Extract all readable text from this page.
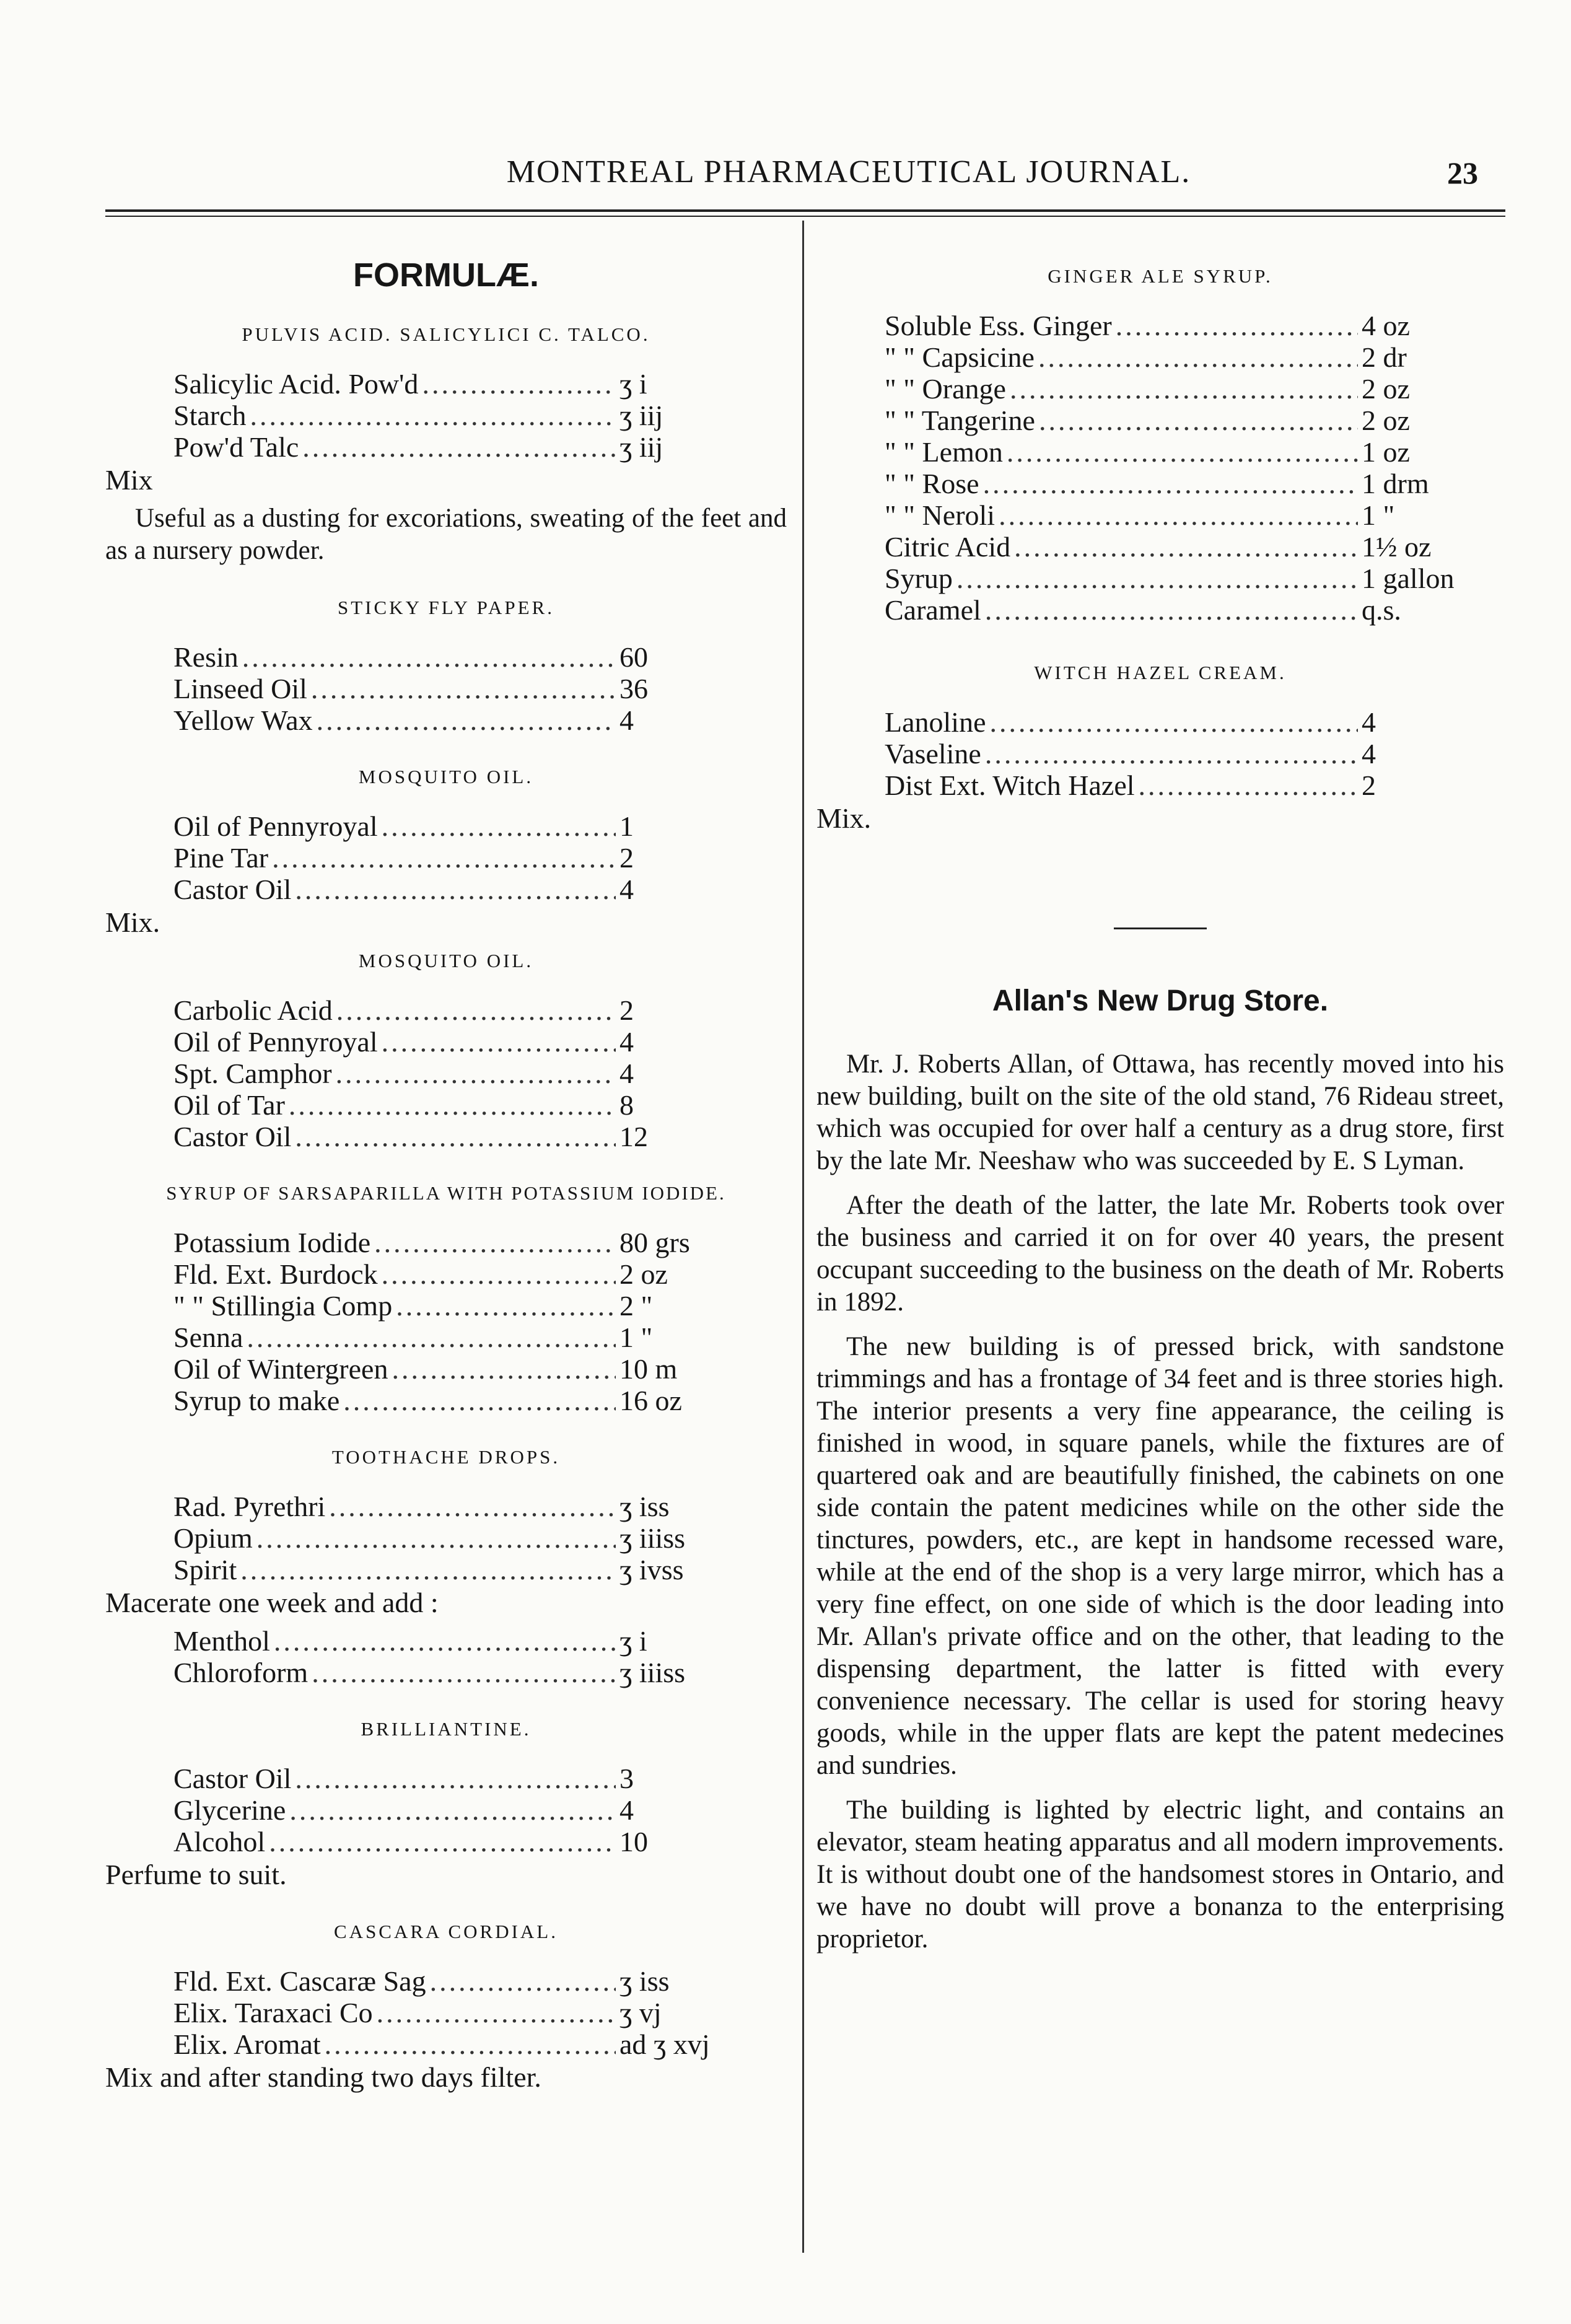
MONTREAL PHARMACEUTICAL JOURNAL.	23
FORMULÆ.
PULVIS ACID. SALICYLICI C. TALCO.
Salicylic Acid. Pow'd .....	ʒ i
Starch .....	ʒ iij
Pow'd Talc .....	ʒ iij
Mix

Useful as a dusting for excoriations, sweating of the feet and as a nursery powder.

STICKY FLY PAPER.
Resin .....	60
Linseed Oil .....	36
Yellow Wax .....	4
MOSQUITO OIL.
Oil of Pennyroyal .....	1
Pine Tar .....	2
Castor Oil .....	4
Mix.
MOSQUITO OIL.
Carbolic Acid .....	2
Oil of Pennyroyal .....	4
Spt. Camphor .....	4
Oil of Tar .....	8
Castor Oil .....	12
SYRUP OF SARSAPARILLA WITH POTASSIUM IODIDE.
Potassium Iodide .....	80 grs
Fld. Ext. Burdock .....	2 oz
" " Stillingia Comp .....	2 "
Senna .....	1 "
Oil of Wintergreen .....	10 m
Syrup to make .....	16 oz
TOOTHACHE DROPS.
Rad. Pyrethri .....	ʒ iss
Opium .....	ʒ iiiss
Spirit .....	ʒ ivss
Macerate one week and add :
Menthol .....	ʒ i
Chloroform .....	ʒ iiiss
BRILLIANTINE.
Castor Oil .....	3
Glycerine .....	4
Alcohol .....	10
Perfume to suit.
CASCARA CORDIAL.
Fld. Ext. Cascaræ Sag .....	ʒ iss
Elix. Taraxaci Co .....	ʒ vj
Elix. Aromat .....	ad ʒ xvj
Mix and after standing two days filter.
GINGER ALE SYRUP.
Soluble Ess. Ginger .....	4 oz
" " Capsicine .....	2 dr
" " Orange .....	2 oz
" " Tangerine .....	2 oz
" " Lemon .....	1 oz
" " Rose .....	1 drm
" " Neroli .....	1 "
Citric Acid .....	1½ oz
Syrup .....	1 gallon
Caramel .....	q.s.
WITCH HAZEL CREAM.
Lanoline .....	4
Vaseline .....	4
Dist Ext. Witch Hazel .....	2
Mix.
Allan's New Drug Store.

Mr. J. Roberts Allan, of Ottawa, has recently moved into his new building, built on the site of the old stand, 76 Rideau street, which was occupied for over half a century as a drug store, first by the late Mr. Neeshaw who was succeeded by E. S Lyman.

After the death of the latter, the late Mr. Roberts took over the business and carried it on for over 40 years, the present occupant succeeding to the business on the death of Mr. Roberts in 1892.

The new building is of pressed brick, with sandstone trimmings and has a frontage of 34 feet and is three stories high. The interior presents a very fine appearance, the ceiling is finished in wood, in square panels, while the fixtures are of quartered oak and are beautifully finished, the cabinets on one side contain the patent medicines while on the other side the tinctures, powders, etc., are kept in handsome recessed ware, while at the end of the shop is a very large mirror, which has a very fine effect, on one side of which is the door leading into Mr. Allan's private office and on the other, that leading to the dispensing department, the latter is fitted with every convenience necessary. The cellar is used for storing heavy goods, while in the upper flats are kept the patent medecines and sundries.

The building is lighted by electric light, and contains an elevator, steam heating apparatus and all modern improvements. It is without doubt one of the handsomest stores in Ontario, and we have no doubt will prove a bonanza to the enterprising proprietor.
